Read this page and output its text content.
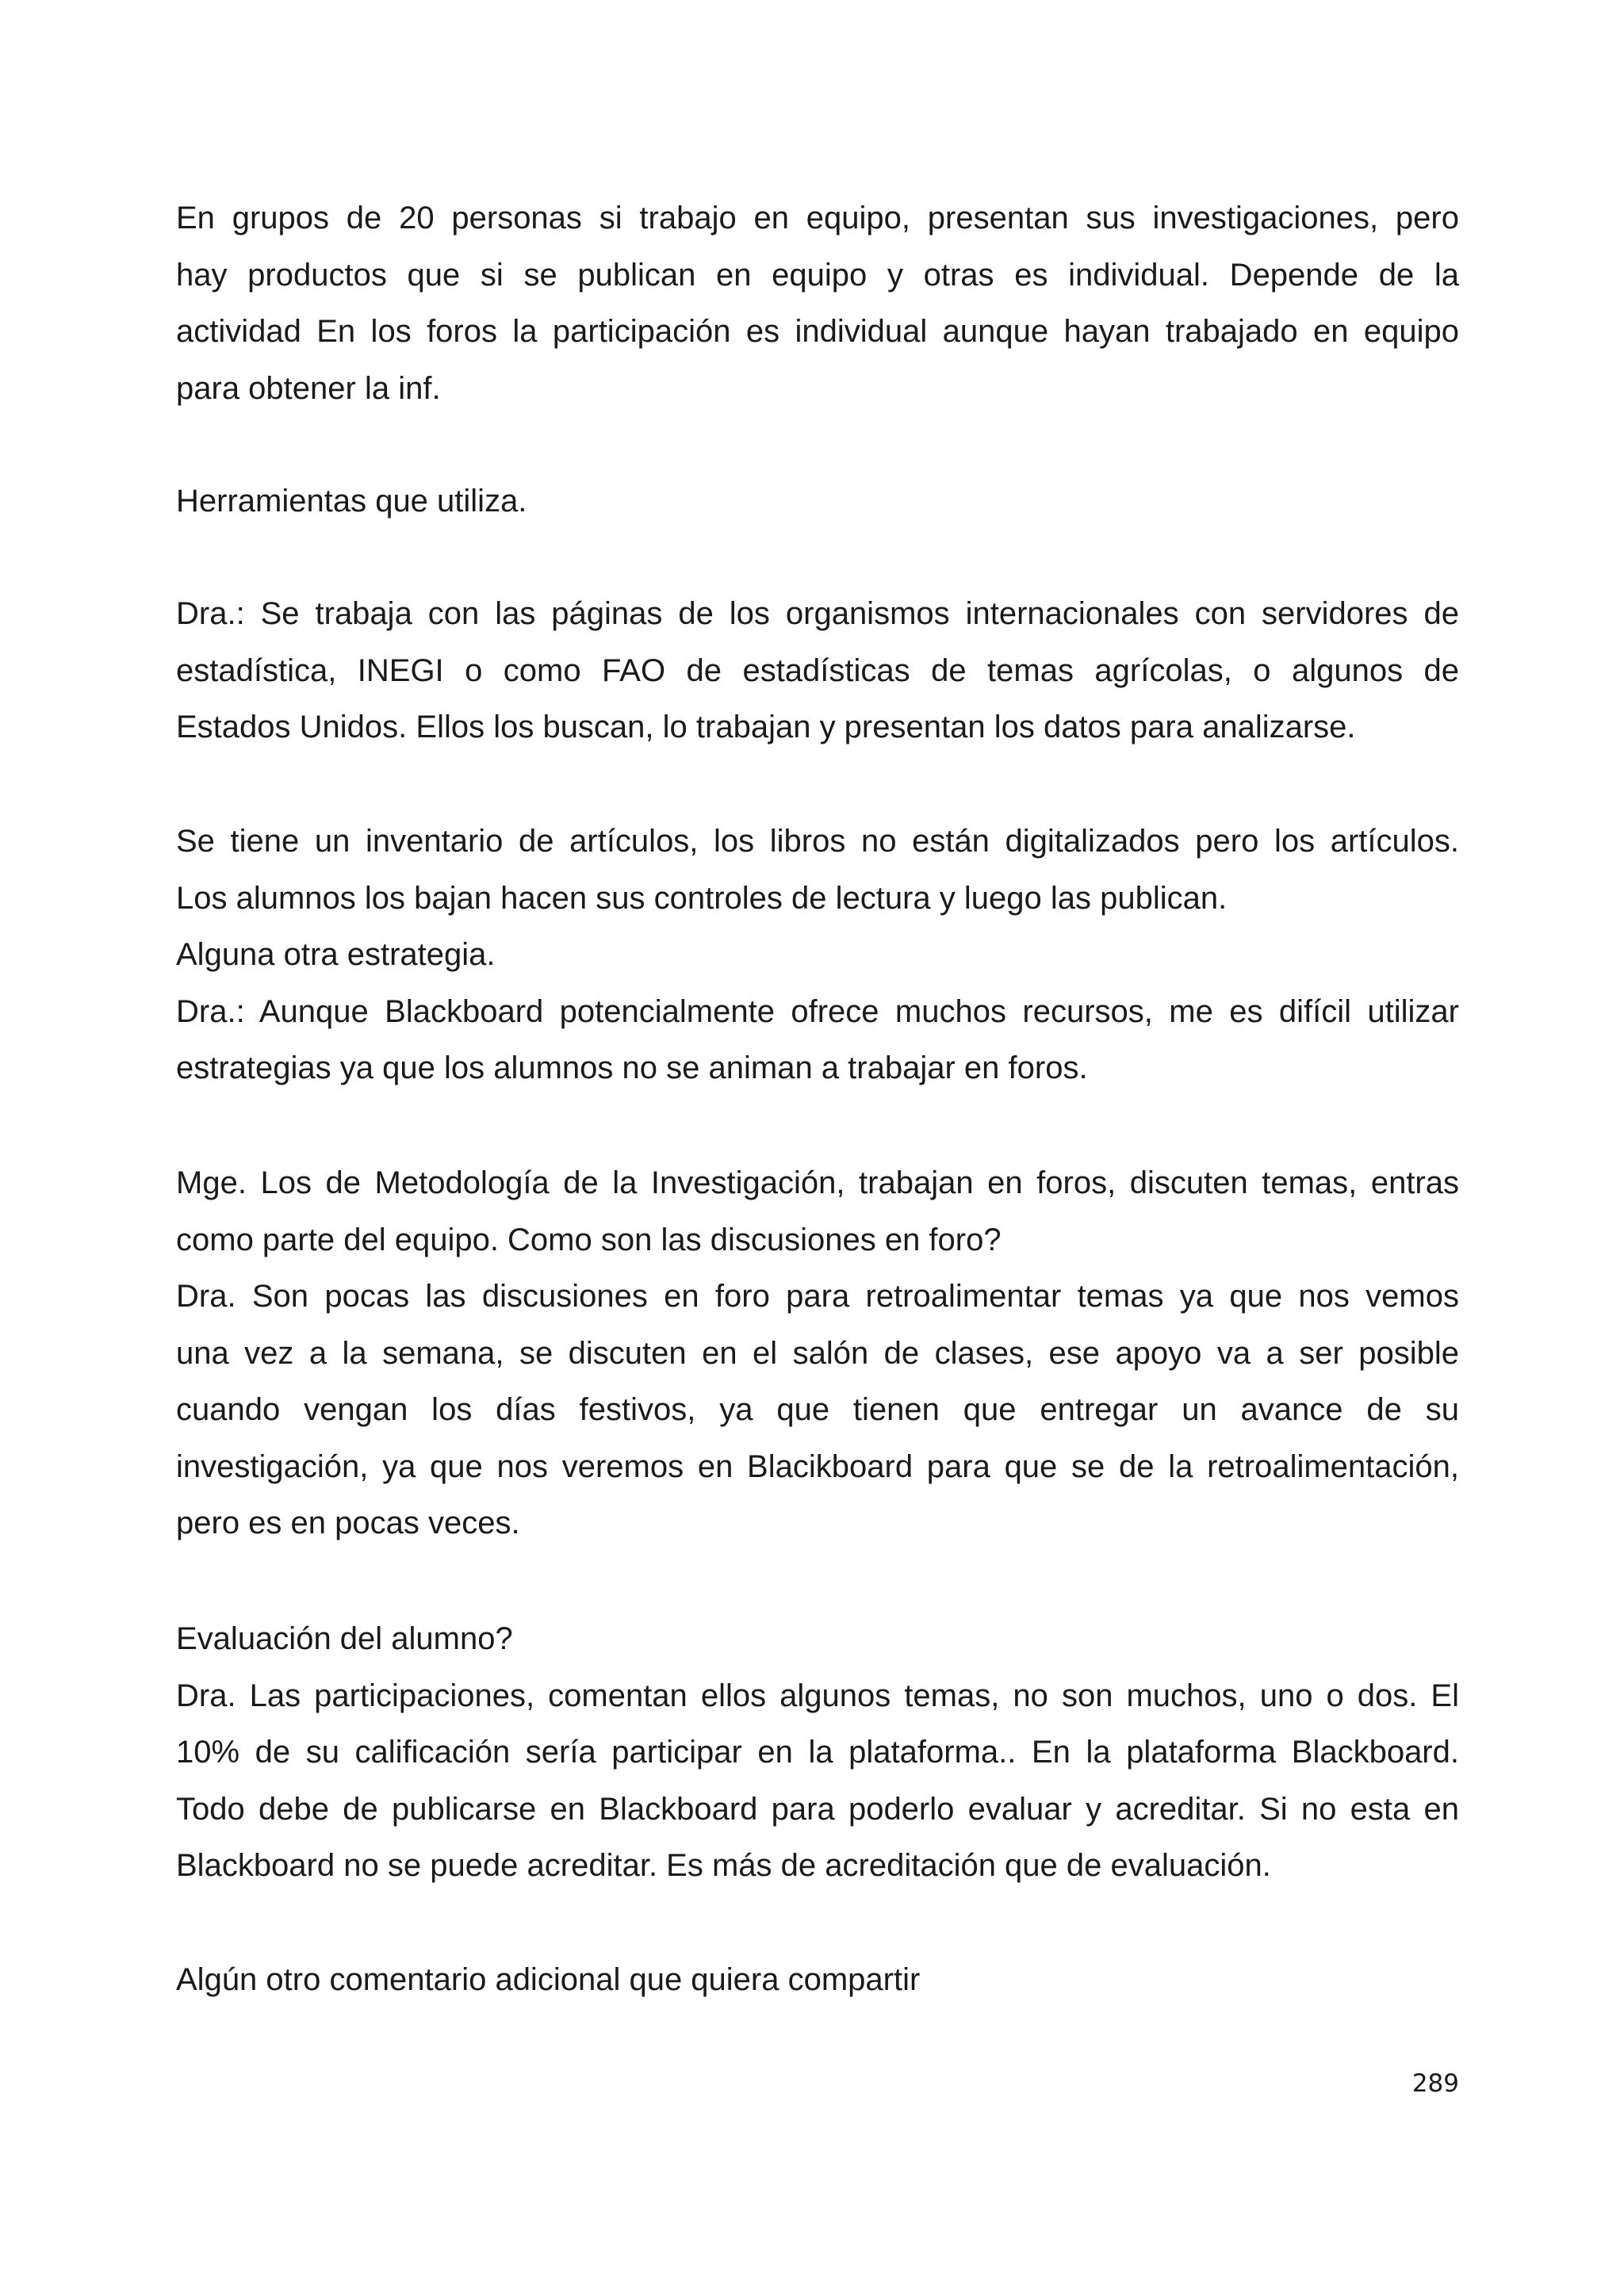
En grupos de 20 personas si trabajo en equipo, presentan sus investigaciones, pero
hay productos que si se publican en equipo y otras es individual. Depende de la
actividad En los foros la participación es individual aunque hayan trabajado en equipo
para obtener la inf.
Herramientas que utiliza.
Dra.: Se trabaja con las páginas de los organismos internacionales con servidores de
estadística, INEGI o como FAO de estadísticas de temas agrícolas, o algunos de
Estados Unidos. Ellos los buscan, lo trabajan y presentan los datos para analizarse.
Se tiene un inventario de artículos, los libros no están digitalizados pero los artículos.
Los alumnos los bajan hacen sus controles de lectura y luego las publican.
Alguna otra estrategia.
Dra.: Aunque Blackboard potencialmente ofrece muchos recursos, me es difícil utilizar
estrategias ya que los alumnos no se animan a trabajar en foros.
Mge. Los de Metodología de la Investigación, trabajan en foros, discuten temas, entras
como parte del equipo. Como son las discusiones en foro?
Dra. Son pocas las discusiones en foro para retroalimentar temas ya que nos vemos
una vez a la semana, se discuten en el salón de clases, ese apoyo va a ser posible
cuando vengan los días festivos, ya que tienen que entregar un avance de su
investigación, ya que nos veremos en Blacikboard para que se de la retroalimentación,
pero es en pocas veces.
Evaluación del alumno?
Dra. Las participaciones, comentan ellos algunos temas, no son muchos, uno o dos. El
10% de su calificación sería participar en la plataforma.. En la plataforma Blackboard.
Todo debe de publicarse en Blackboard para poderlo evaluar y acreditar. Si no esta en
Blackboard no se puede acreditar. Es más de acreditación que de evaluación.
Algún otro comentario adicional que quiera compartir
289
